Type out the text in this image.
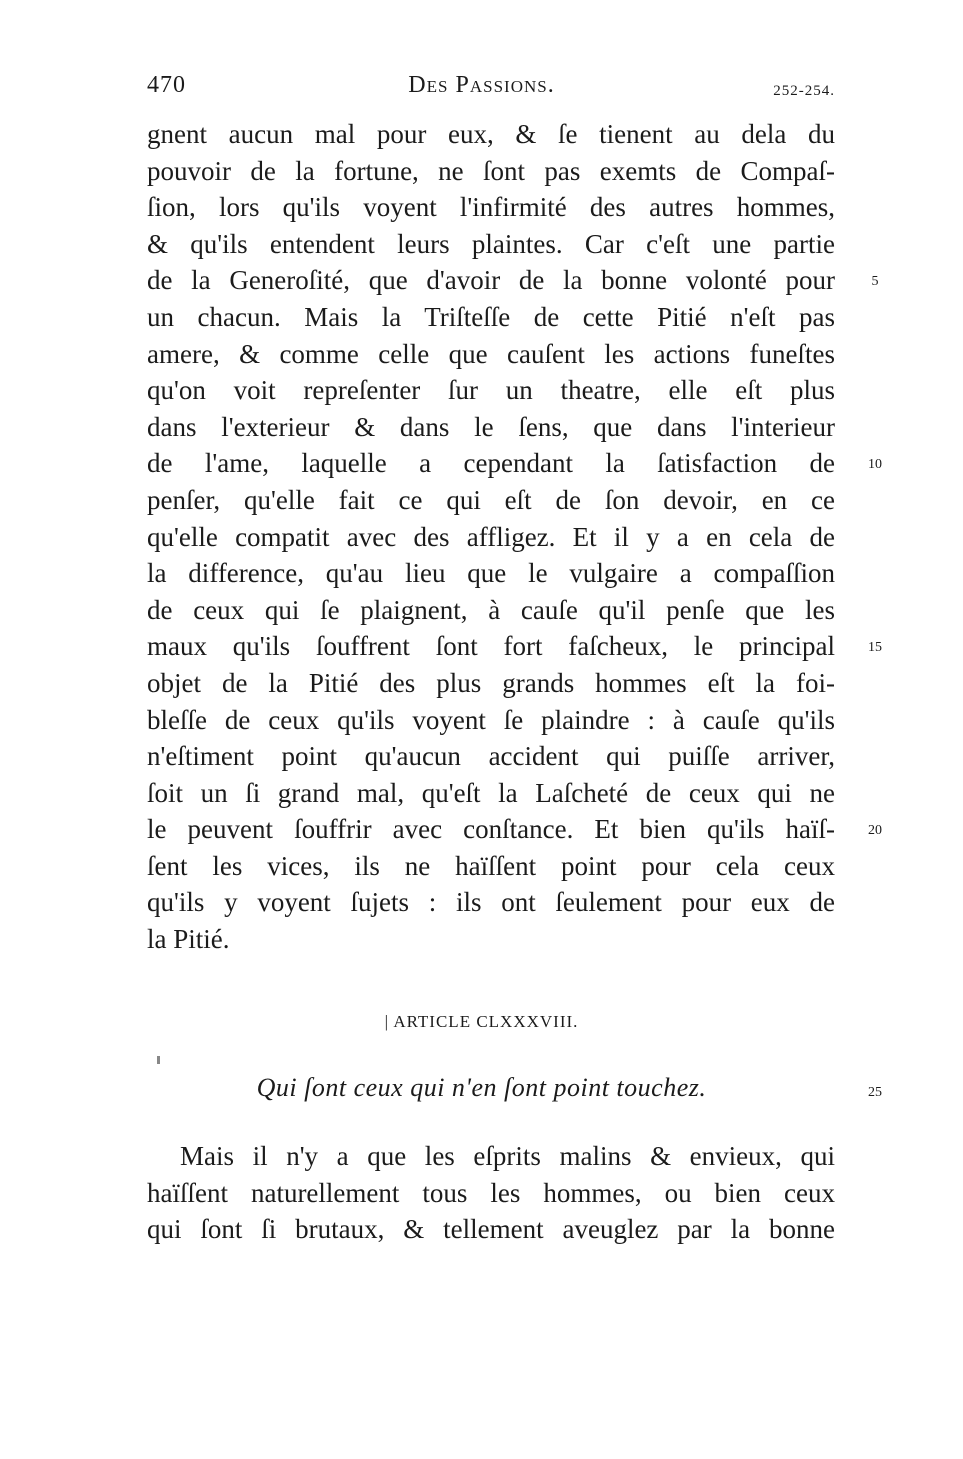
470	Des Passions.	252-254.
gnent aucun mal pour eux, & ſe tienent au dela du
pouvoir de la fortune, ne ſont pas exemts de Compaſ-
ſion, lors qu'ils voyent l'infirmité des autres hommes,
& qu'ils entendent leurs plaintes. Car c'eſt une partie
de la Generoſité, que d'avoir de la bonne volonté pour
un chacun. Mais la Triſteſſe de cette Pitié n'eſt pas
amere, & comme celle que cauſent les actions funeſtes
qu'on voit repreſenter ſur un theatre, elle eſt plus
dans l'exterieur & dans le ſens, que dans l'interieur
de l'ame, laquelle a cependant la ſatisfaction de
penſer, qu'elle fait ce qui eſt de ſon devoir, en ce
qu'elle compatit avec des affligez. Et il y a en cela de
la difference, qu'au lieu que le vulgaire a compaſſion
de ceux qui ſe plaignent, à cauſe qu'il penſe que les
maux qu'ils ſouffrent ſont fort faſcheux, le principal
objet de la Pitié des plus grands hommes eſt la foi-
bleſſe de ceux qu'ils voyent ſe plaindre : à cauſe qu'ils
n'eſtiment point qu'aucun accident qui puiſſe arriver,
ſoit un ſi grand mal, qu'eſt la Laſcheté de ceux qui ne
le peuvent ſouffrir avec conſtance. Et bien qu'ils haïſ-
ſent les vices, ils ne haïſſent point pour cela ceux
qu'ils y voyent ſujets : ils ont ſeulement pour eux de
la Pitié.
5
10
15
20
25
| ARTICLE CLXXXVIII.
Qui ſont ceux qui n'en ſont point touchez.
Mais il n'y a que les eſprits malins & envieux, qui
haïſſent naturellement tous les hommes, ou bien ceux
qui ſont ſi brutaux, & tellement aveuglez par la bonne
